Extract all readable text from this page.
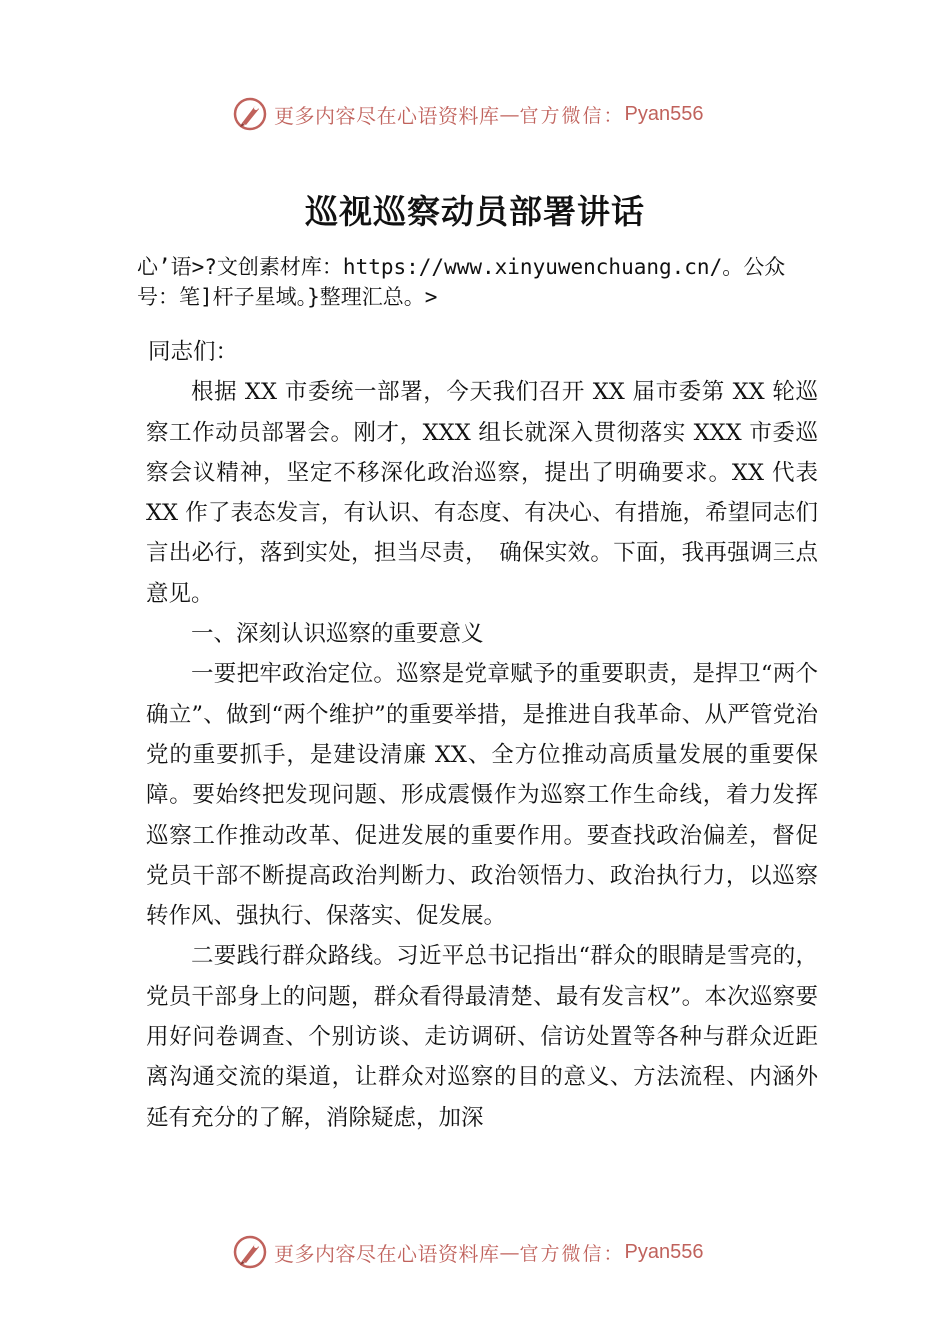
更多内容尽在心语资料库 — 官方微信： Pyan556
巡视巡察动员部署讲话
心’语>?文创素材库：https://www.xinyuwenchuang.cn/。公众号：笔]杆子星域。}整理汇总。>

同志们：

根据 XX 市委统一部署，今天我们召开 XX 届市委第 XX 轮巡察工作动员部署会。刚才，XXX 组长就深入贯彻落实 XXX 市委巡察会议精神，坚定不移深化政治巡察，提出了明确要求。XX 代表 XX 作了表态发言，有认识、有态度、有决心、有措施，希望同志们言出必行，落到实处，担当尽责，　确保实效。下面，我再强调三点意见。

一、深刻认识巡察的重要意义

一要把牢政治定位。巡察是党章赋予的重要职责，是捍卫“两个确立”、做到“两个维护”的重要举措，是推进自我革命、从严管党治党的重要抓手，是建设清廉 XX、全方位推动高质量发展的重要保障。要始终把发现问题、形成震慑作为巡察工作生命线，着力发挥巡察工作推动改革、促进发展的重要作用。要查找政治偏差，督促党员干部不断提高政治判断力、政治领悟力、政治执行力，以巡察转作风、强执行、保落实、促发展。

二要践行群众路线。习近平总书记指出“群众的眼睛是雪亮的，党员干部身上的问题，群众看得最清楚、最有发言权”。本次巡察要用好问卷调查、个别访谈、走访调研、信访处置等各种与群众近距离沟通交流的渠道，让群众对巡察的目的意义、方法流程、内涵外延有充分的了解，消除疑虑，加深

更多内容尽在心语资料库 — 官方微信： Pyan556
